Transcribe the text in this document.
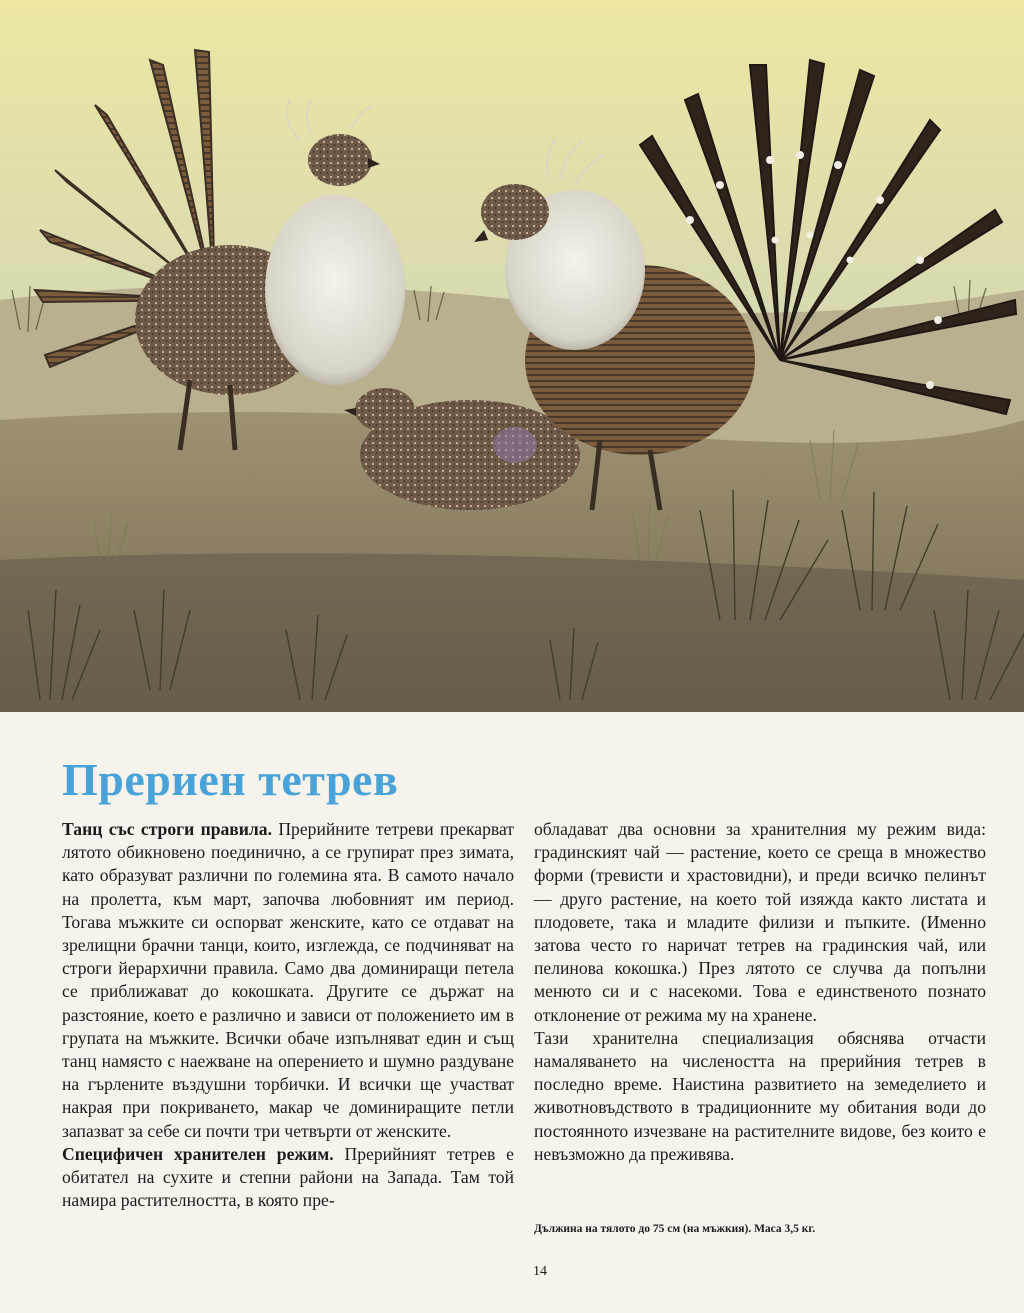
Прериен тетрев

Танц със строги правила. Прерийните тетреви прекарват лятото обикновено поединично, а се групират през зимата, като образуват различни по големина ята. В самото начало на пролетта, към март, започва любовният им период. Тогава мъжките си оспорват женските, като се отдават на зрелищни брачни танци, които, изглежда, се подчиняват на строги йерархични правила. Само два доминиращи петела се приближават до кокошката. Другите се държат на разстояние, което е различно и зависи от положението им в групата на мъжките. Всички обаче изпълняват един и същ танц намясто с наежване на оперението и шумно раздуване на гърлените въздушни торбички. И всички ще участват накрая при покриването, макар че доминиращите петли запазват за себе си почти три четвърти от женските.

Специфичен хранителен режим. Прерийният тетрев е обитател на сухите и степни райони на Запада. Там той намира растителността, в която пре-

обладават два основни за хранителния му режим вида: градинският чай — растение, което се среща в множество форми (тревисти и храстовидни), и преди всичко пелинът — друго растение, на което той изяжда както листата и плодовете, така и младите филизи и пъпките. (Именно затова често го наричат тетрев на градинския чай, или пелинова кокошка.) През лятото се случва да попълни менюто си и с насекоми. Това е единственото познато отклонение от режима му на хранене.

Тази хранителна специализация обяснява отчасти намаляването на числеността на прерийния тетрев в последно време. Наистина развитието на земеделието и животновъдството в традиционните му обитания води до постоянното изчезване на растителните видове, без които е невъзможно да преживява.

Дължина на тялото до 75 см (на мъжкия). Маса 3,5 кг.

14
